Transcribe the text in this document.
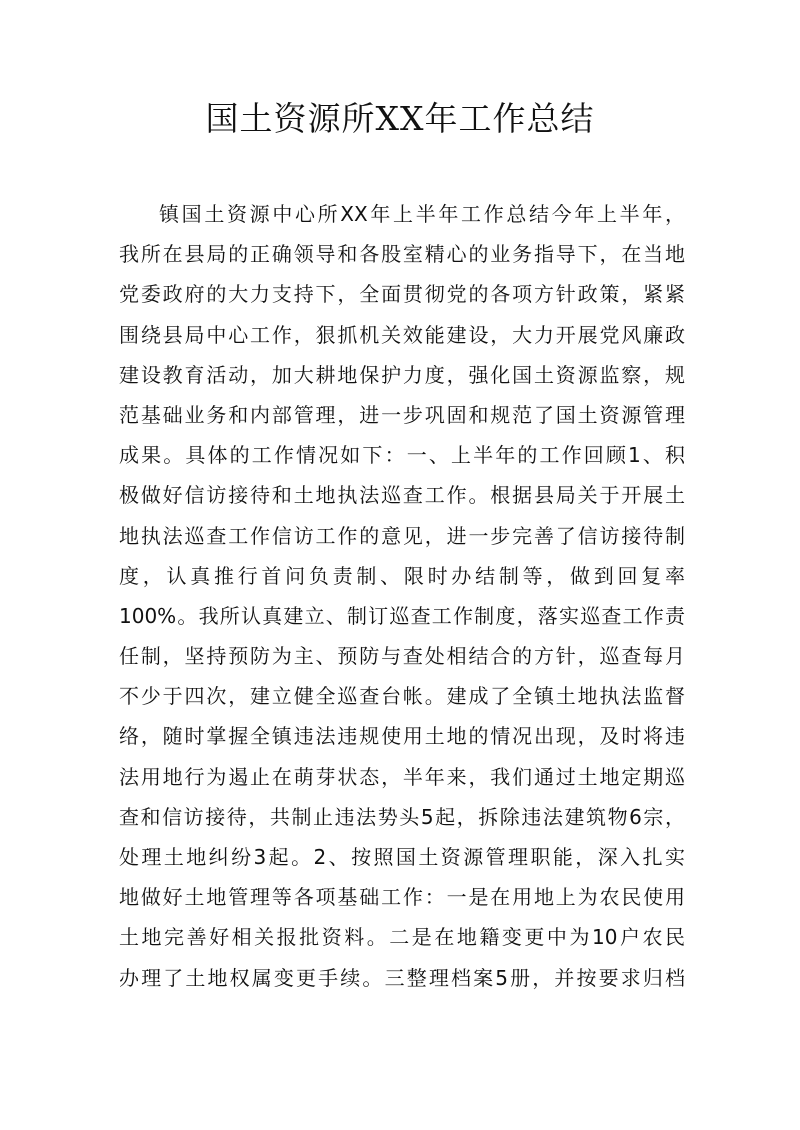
国土资源所XX年工作总结
镇国土资源中心所XX年上半年工作总结今年上半年，
我所在县局的正确领导和各股室精心的业务指导下，在当地
党委政府的大力支持下，全面贯彻党的各项方针政策，紧紧
围绕县局中心工作，狠抓机关效能建设，大力开展党风廉政
建设教育活动，加大耕地保护力度，强化国土资源监察，规
范基础业务和内部管理，进一步巩固和规范了国土资源管理
成果。具体的工作情况如下：一、上半年的工作回顾1、积
极做好信访接待和土地执法巡查工作。根据县局关于开展土
地执法巡查工作信访工作的意见，进一步完善了信访接待制
度，认真推行首问负责制、限时办结制等，做到回复率
100%。我所认真建立、制订巡查工作制度，落实巡查工作责
任制，坚持预防为主、预防与查处相结合的方针，巡查每月
不少于四次，建立健全巡查台帐。建成了全镇土地执法监督
络，随时掌握全镇违法违规使用土地的情况出现，及时将违
法用地行为遏止在萌芽状态，半年来，我们通过土地定期巡
查和信访接待，共制止违法势头5起，拆除违法建筑物6宗，
处理土地纠纷3起。2、按照国土资源管理职能，深入扎实
地做好土地管理等各项基础工作：一是在用地上为农民使用
土地完善好相关报批资料。二是在地籍变更中为10户农民
办理了土地权属变更手续。三整理档案5册，并按要求归档
